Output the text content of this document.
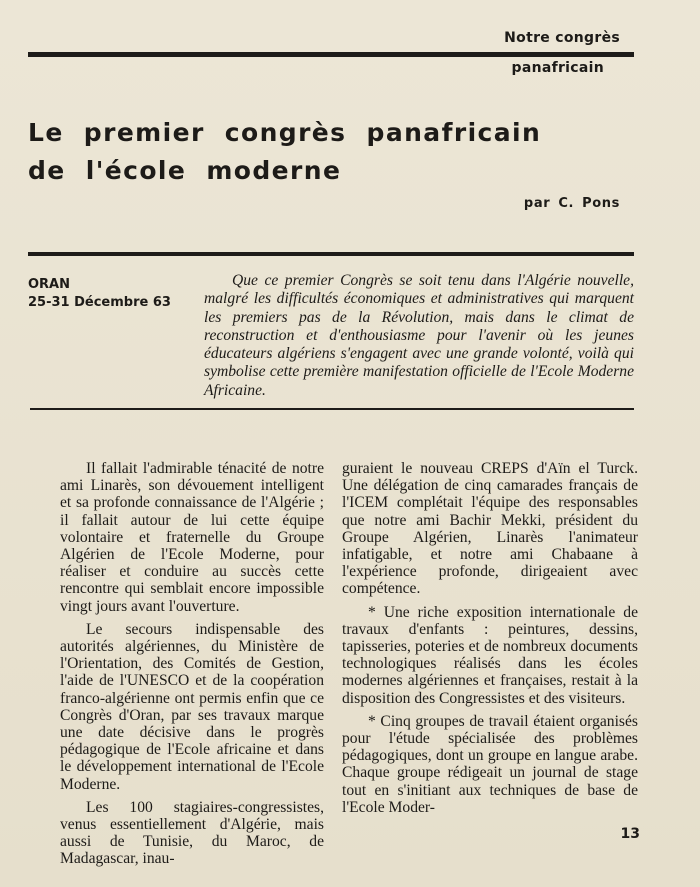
Notre congrès
panafricain
Le premier congrès panafricain
de l'école moderne
par C. Pons
ORAN
25-31 Décembre 63

Que ce premier Congrès se soit tenu dans l'Algérie nouvelle, malgré les difficultés économiques et administratives qui marquent les premiers pas de la Révolution, mais dans le climat de reconstruction et d'enthousiasme pour l'avenir où les jeunes éducateurs algériens s'engagent avec une grande volonté, voilà qui symbolise cette première manifestation officielle de l'Ecole Moderne Africaine.

Il fallait l'admirable ténacité de notre ami Linarès, son dévouement intelligent et sa profonde connaissance de l'Algérie ; il fallait autour de lui cette équipe volontaire et fraternelle du Groupe Algérien de l'Ecole Moderne, pour réaliser et conduire au succès cette rencontre qui semblait encore impossible vingt jours avant l'ouverture.

Le secours indispensable des autorités algériennes, du Ministère de l'Orientation, des Comités de Gestion, l'aide de l'UNESCO et de la coopération franco-algérienne ont permis enfin que ce Congrès d'Oran, par ses travaux marque une date décisive dans le progrès pédagogique de l'Ecole africaine et dans le développement international de l'Ecole Moderne.

Les 100 stagiaires-congressistes, venus essentiellement d'Algérie, mais aussi de Tunisie, du Maroc, de Madagascar, inau-

guraient le nouveau CREPS d'Aïn el Turck. Une délégation de cinq camarades français de l'ICEM complétait l'équipe des responsables que notre ami Bachir Mekki, président du Groupe Algérien, Linarès l'animateur infatigable, et notre ami Chabaane à l'expérience profonde, dirigeaient avec compétence.

* Une riche exposition internationale de travaux d'enfants : peintures, dessins, tapisseries, poteries et de nombreux documents technologiques réalisés dans les écoles modernes algériennes et françaises, restait à la disposition des Congressistes et des visiteurs.

* Cinq groupes de travail étaient organisés pour l'étude spécialisée des problèmes pédagogiques, dont un groupe en langue arabe. Chaque groupe rédigeait un journal de stage tout en s'initiant aux techniques de base de l'Ecole Moder-

13
